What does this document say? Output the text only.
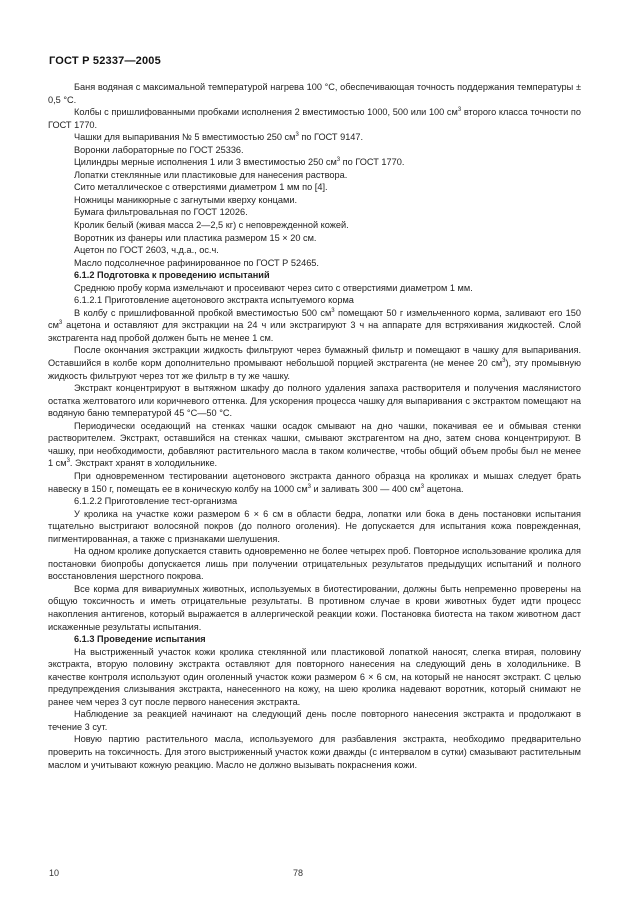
ГОСТ Р 52337—2005

Баня водяная с максимальной температурой нагрева 100 °С, обеспечивающая точность поддержания температуры ± 0,5 °С.

Колбы с пришлифованными пробками исполнения 2 вместимостью 1000, 500 или 100 $см^3$ второго класса точности по ГОСТ 1770.

Чашки для выпаривания № 5 вместимостью 250 $см^3$ по ГОСТ 9147.

Воронки лабораторные по ГОСТ 25336.

Цилиндры мерные исполнения 1 или 3 вместимостью 250 $см^3$ по ГОСТ 1770.

Лопатки стеклянные или пластиковые для нанесения раствора.

Сито металлическое с отверстиями диаметром 1 мм по [4].

Ножницы маникюрные с загнутыми кверху концами.

Бумага фильтровальная по ГОСТ 12026.

Кролик белый (живая масса 2—2,5 кг) с неповрежденной кожей.

Воротник из фанеры или пластика размером 15 × 20 см.

Ацетон по ГОСТ 2603, ч.д.а., ос.ч.

Масло подсолнечное рафинированное по ГОСТ Р 52465.

6.1.2 Подготовка к проведению испытаний

Среднюю пробу корма измельчают и просеивают через сито с отверстиями диаметром 1 мм.

6.1.2.1 Приготовление ацетонового экстракта испытуемого корма

В колбу с пришлифованной пробкой вместимостью 500 $см^3$ помещают 50 г измельченного корма, заливают его 150 $см^3$ ацетона и оставляют для экстракции на 24 ч или экстрагируют 3 ч на аппарате для встряхивания жидкостей. Слой экстрагента над пробой должен быть не менее 1 см.

После окончания экстракции жидкость фильтруют через бумажный фильтр и помещают в чашку для выпаривания. Оставшийся в колбе корм дополнительно промывают небольшой порцией экстрагента (не менее 20 $см^3$), эту промывную жидкость фильтруют через тот же фильтр в ту же чашку.

Экстракт концентрируют в вытяжном шкафу до полного удаления запаха растворителя и получения маслянистого остатка желтоватого или коричневого оттенка. Для ускорения процесса чашку для выпаривания с экстрактом помещают на водяную баню температурой 45 °С—50 °С.

Периодически оседающий на стенках чашки осадок смывают на дно чашки, покачивая ее и обмывая стенки растворителем. Экстракт, оставшийся на стенках чашки, смывают экстрагентом на дно, затем снова концентрируют. В чашку, при необходимости, добавляют растительного масла в таком количестве, чтобы общий объем пробы был не менее 1 $см^3$. Экстракт хранят в холодильнике.

При одновременном тестировании ацетонового экстракта данного образца на кроликах и мышах следует брать навеску в 150 г, помещать ее в коническую колбу на 1000 $см^3$ и заливать 300 — 400 $см^3$ ацетона.

6.1.2.2 Приготовление тест-организма

У кролика на участке кожи размером 6 × 6 см в области бедра, лопатки или бока в день постановки испытания тщательно выстригают волосяной покров (до полного оголения). Не допускается для испытания кожа поврежденная, пигментированная, а также с признаками шелушения.

На одном кролике допускается ставить одновременно не более четырех проб. Повторное использование кролика для постановки биопробы допускается лишь при получении отрицательных результатов предыдущих испытаний и полного восстановления шерстного покрова.

Все корма для вивариумных животных, используемых в биотестировании, должны быть непременно проверены на общую токсичность и иметь отрицательные результаты. В противном случае в крови животных будет идти процесс накопления антигенов, который выражается в аллергической реакции кожи. Постановка биотеста на таком животном даст искаженные результаты испытания.

6.1.3 Проведение испытания

На выстриженный участок кожи кролика стеклянной или пластиковой лопаткой наносят, слегка втирая, половину экстракта, вторую половину экстракта оставляют для повторного нанесения на следующий день в холодильнике. В качестве контроля используют один оголенный участок кожи размером 6 × 6 см, на который не наносят экстракт. С целью предупреждения слизывания экстракта, нанесенного на кожу, на шею кролика надевают воротник, который снимают не ранее чем через 3 сут после первого нанесения экстракта.

Наблюдение за реакцией начинают на следующий день после повторного нанесения экстракта и продолжают в течение 3 сут.

Новую партию растительного масла, используемого для разбавления экстракта, необходимо предварительно проверить на токсичность. Для этого выстриженный участок кожи дважды (с интервалом в сутки) смазывают растительным маслом и учитывают кожную реакцию. Масло не должно вызывать покраснения кожи.

10	78
